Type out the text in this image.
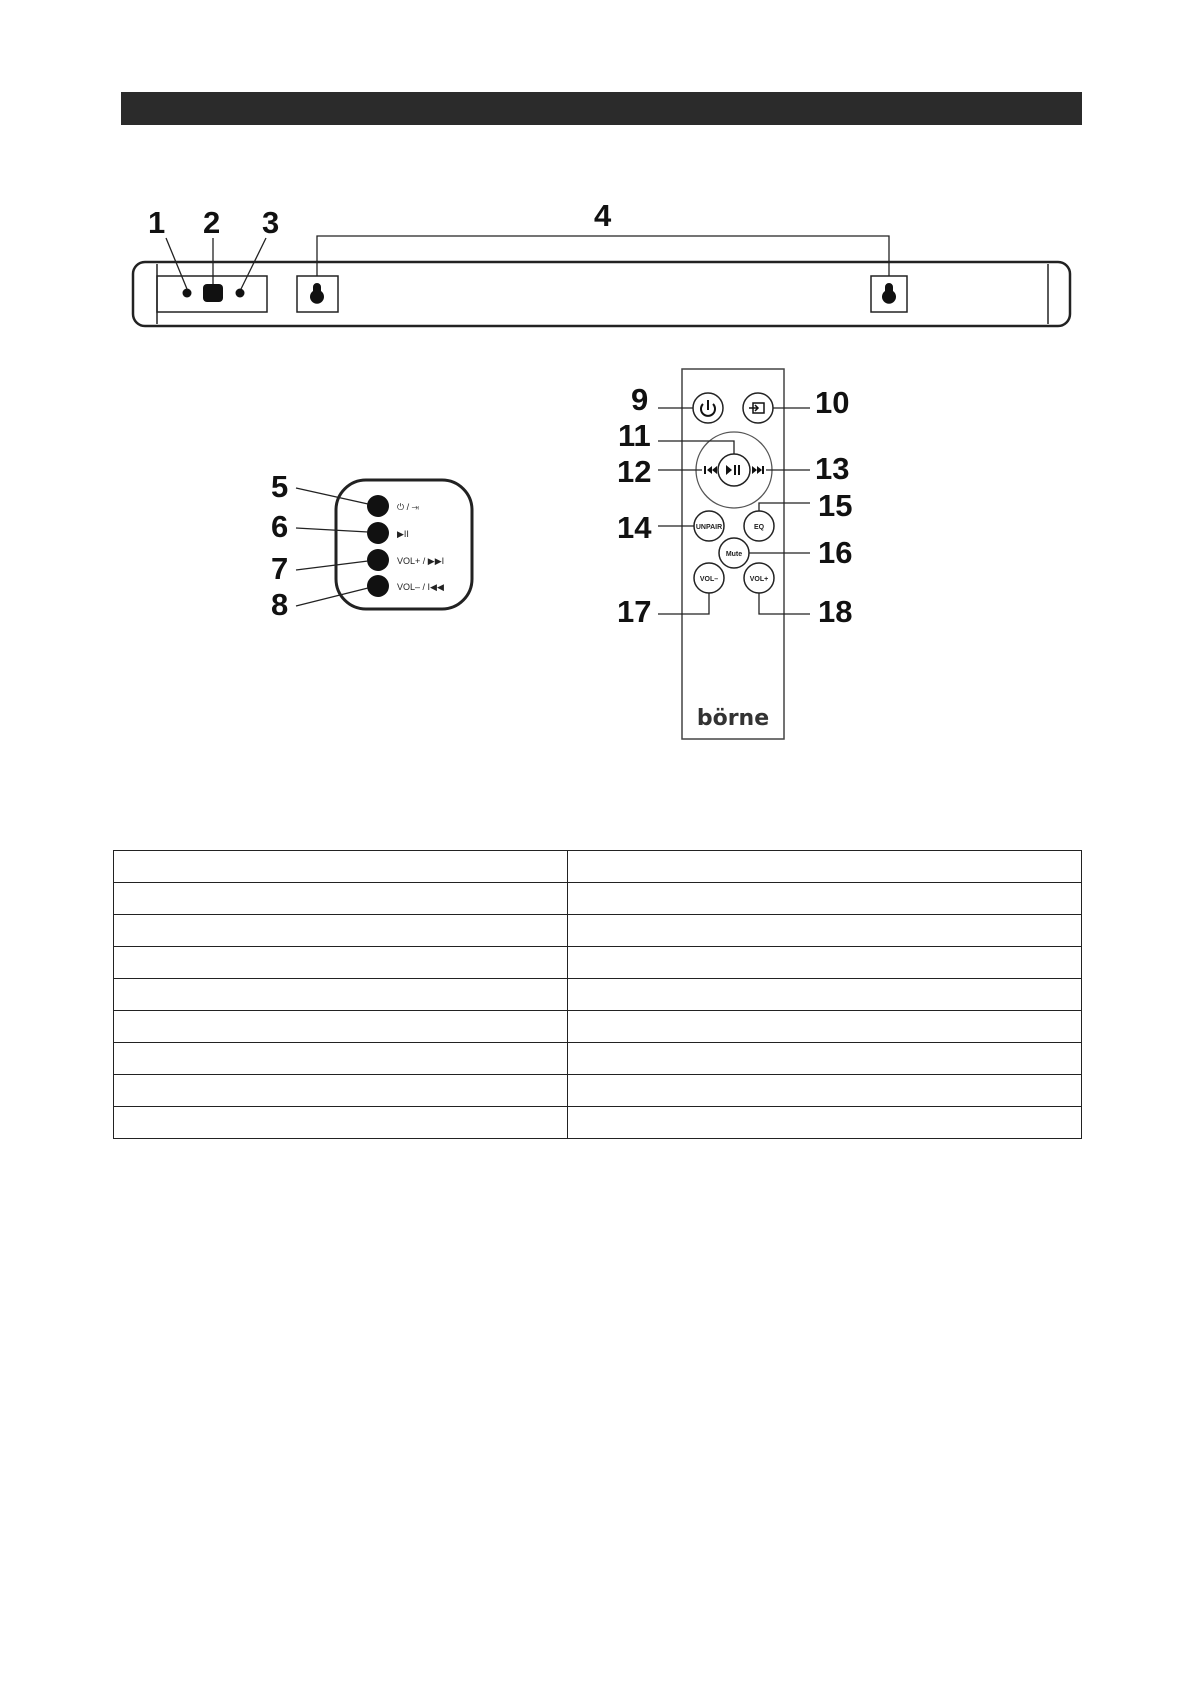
1 2 3	4
⏻ / ⇥
▶II
VOL+ / ▶▶I
VOL– / I◀◀
5
6
7
8
UNPAIR	EQ
Mute
VOL–	VOL+
börne
9	10
11
12	13
14
15
16
17	18
